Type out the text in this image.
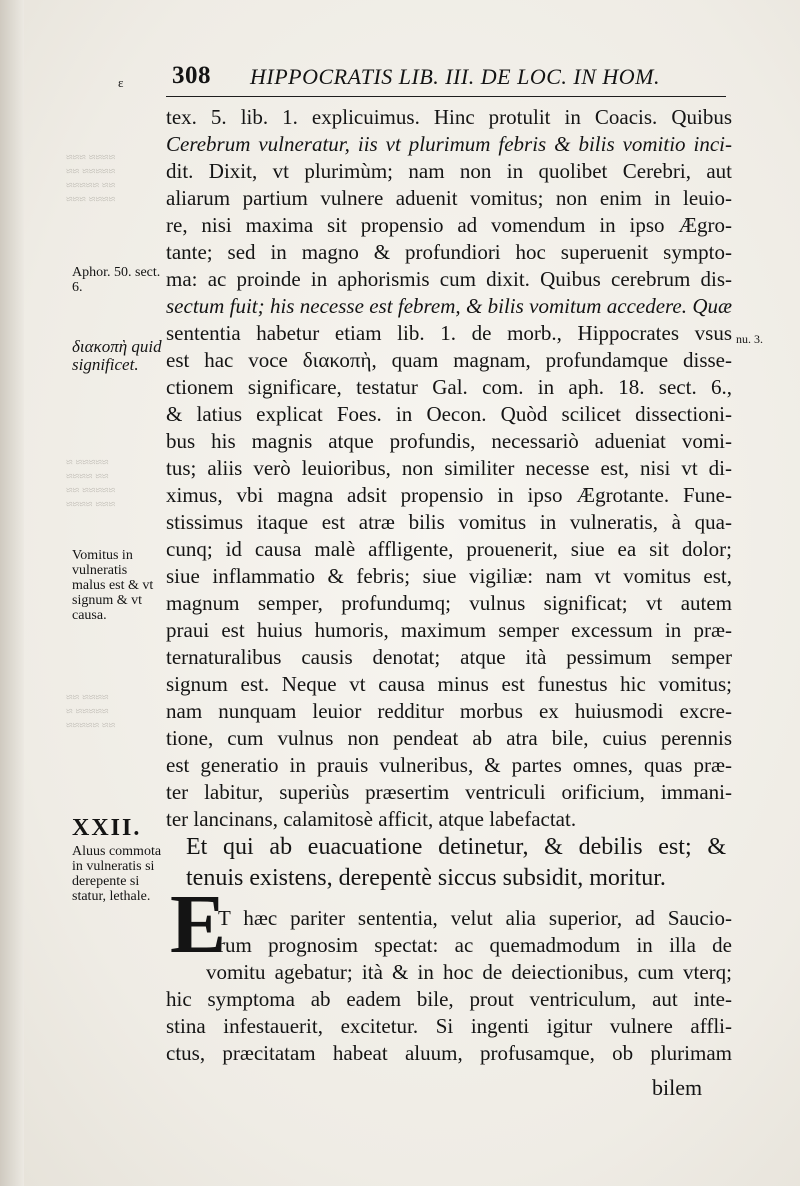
≈≈≈≈ ≈≈≈
≈≈≈≈≈ ≈≈
≈≈ ≈≈≈≈≈
≈≈≈≈ ≈≈≈
≈≈≈≈≈ ≈
≈≈ ≈≈≈≈
≈≈≈≈≈ ≈≈
≈≈≈ ≈≈≈≈
≈≈≈≈ ≈≈
≈≈≈≈≈ ≈
≈≈ ≈≈≈≈≈
ε 308 HIPPOCRATIS LIB. III. DE LOC. IN HOM.
Aphor. 50. sect. 6.
διακοπὴ quid significet.
Vomitus in vulneratis malus est & vt signum & vt causa.
XXII.
Aluus commota in vulneratis si derepente si statur, lethale.
nu. 3.
tex. 5. lib. 1. explicuimus. Hinc protulit in Coacis. Quibus
Cerebrum vulneratur, iis vt plurimum febris & bilis vomitio inci-
dit. Dixit, vt plurimùm; nam non in quolibet Cerebri, aut
aliarum partium vulnere aduenit vomitus; non enim in leuio-
re, nisi maxima sit propensio ad vomendum in ipso Ægro-
tante; sed in magno & profundiori hoc superuenit sympto-
ma: ac proinde in aphorismis cum dixit. Quibus cerebrum dis-
sectum fuit; his necesse est febrem, & bilis vomitum accedere. Quæ
sententia habetur etiam lib. 1. de morb., Hippocrates vsus
est hac voce διακοπὴ, quam magnam, profundamque disse-
ctionem significare, testatur Gal. com. in aph. 18. sect. 6.,
& latius explicat Foes. in Oecon. Quòd scilicet dissectioni-
bus his magnis atque profundis, necessariò adueniat vomi-
tus; aliis verò leuioribus, non similiter necesse est, nisi vt di-
ximus, vbi magna adsit propensio in ipso Ægrotante. Fune-
stissimus itaque est atræ bilis vomitus in vulneratis, à qua-
cunq; id causa malè affligente, prouenerit, siue ea sit dolor;
siue inflammatio & febris; siue vigiliæ: nam vt vomitus est,
magnum semper, profundumq; vulnus significat; vt autem
praui est huius humoris, maximum semper excessum in præ-
ternaturalibus causis denotat; atque ità pessimum semper
signum est. Neque vt causa minus est funestus hic vomitus;
nam nunquam leuior redditur morbus ex huiusmodi excre-
tione, cum vulnus non pendeat ab atra bile, cuius perennis
est generatio in prauis vulneribus, & partes omnes, quas præ-
ter labitur, superiùs præsertim ventriculi orificium, immani-
ter lancinans, calamitosè afficit, atque labefactat.
Et qui ab euacuatione detinetur, & debilis est; &
tenuis existens, derepentè siccus subsidit, moritur.
E
T hæc pariter sententia, velut alia superior, ad Saucio-
rum prognosim spectat: ac quemadmodum in illa de
vomitu agebatur; ità & in hoc de deiectionibus, cum vterq;
hic symptoma ab eadem bile, prout ventriculum, aut inte-
stina infestauerit, excitetur. Si ingenti igitur vulnere affli-
ctus, præcitatam habeat aluum, profusamque, ob plurimam
bilem
